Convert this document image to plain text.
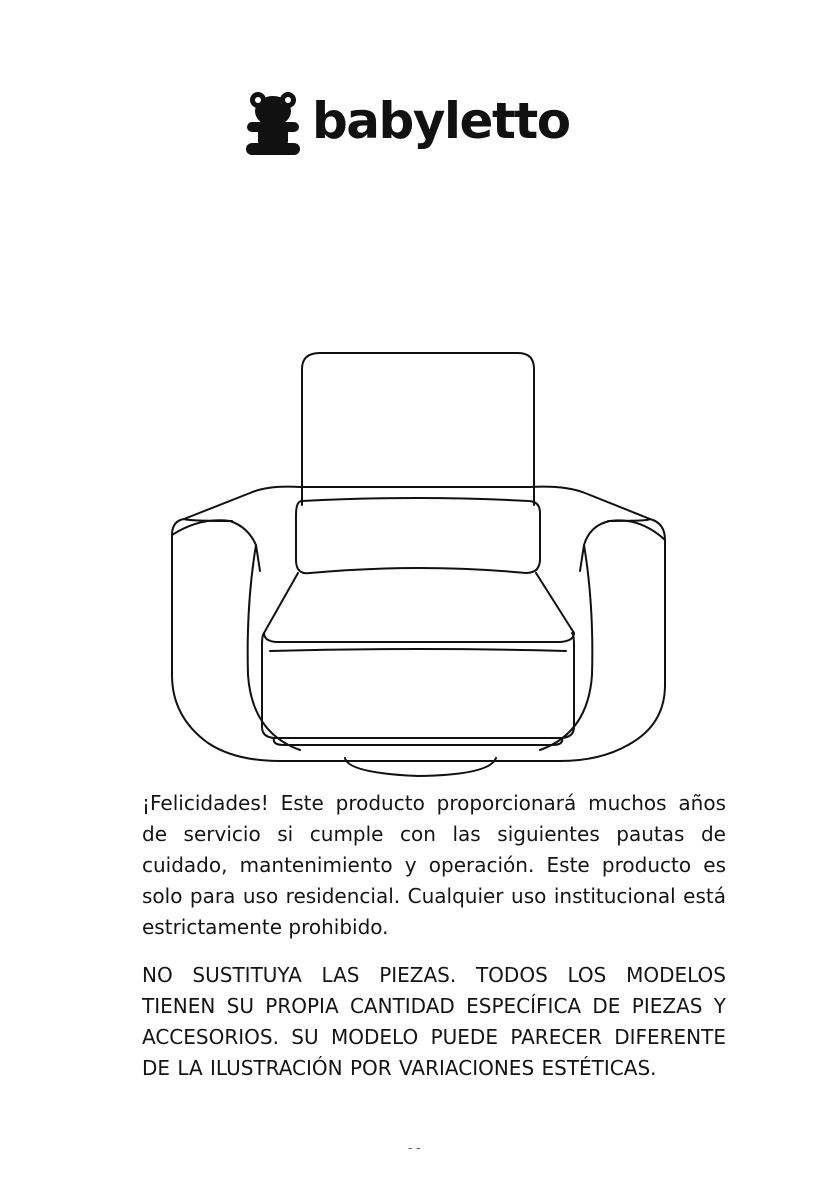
babyletto
¡Felicidades! Este producto proporcionará muchos años de servicio si cumple con las siguientes pautas de cuidado, mantenimiento y operación. Este producto es solo para uso residencial. Cualquier uso institucional está estrictamente prohibido.
NO SUSTITUYA LAS PIEZAS. TODOS LOS MODELOS TIENEN SU PROPIA CANTIDAD ESPECÍFICA DE PIEZAS Y ACCESORIOS. SU MODELO PUEDE PARECER DIFERENTE DE LA ILUSTRACIÓN POR VARIACIONES ESTÉTICAS.
- -
